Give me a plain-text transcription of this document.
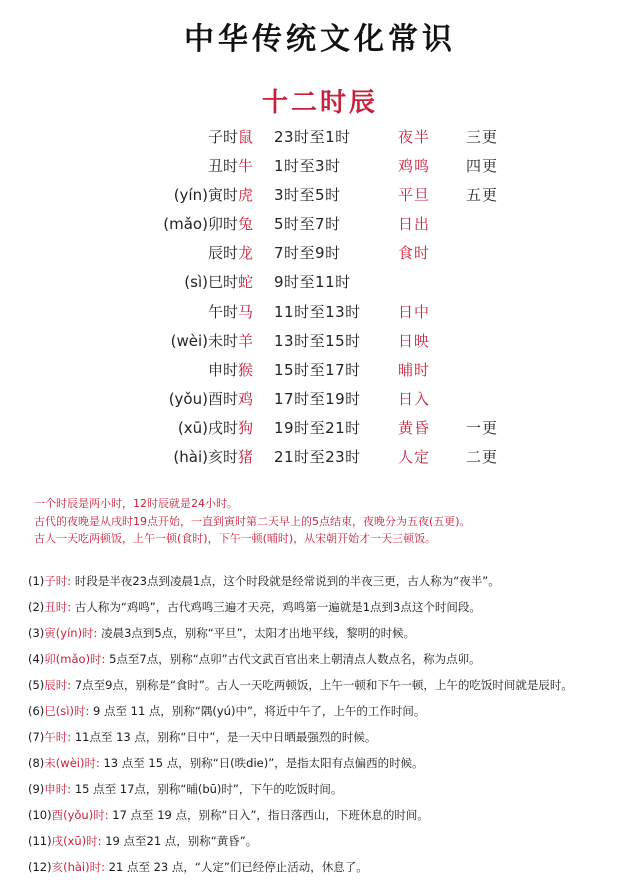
中华传统文化常识
十二时辰
子时鼠 23时至1时	夜半 三更
丑时牛 1时至3时	鸡鸣 四更
(yín)寅时虎 3时至5时	平旦 五更
(mǎo)卯时兔 5时至7时	日出
辰时龙 7时至9时	食时
(sì)巳时蛇 9时至11时
午时马 11时至13时 日中
(wèi)未时羊 13时至15时 日映
申时猴 15时至17时 晡时
(yǒu)酉时鸡 17时至19时 日入
(xū)戌时狗 19时至21时 黄昏 一更
(hài)亥时猪 21时至23时 人定 二更
一个时辰是两小时，12时辰就是24小时。
古代的夜晚是从戌时19点开始，一直到寅时第二天早上的5点结束，夜晚分为五夜(五更)。
古人一天吃两顿饭，上午一顿(食时)，下午一顿(晡时)，从宋朝开始才一天三顿饭。
(1)子时: 时段是半夜23点到凌晨1点，这个时段就是经常说到的半夜三更，古人称为“夜半”。
(2)丑时: 古人称为“鸡鸣”，古代鸡鸣三遍才天亮，鸡鸣第一遍就是1点到3点这个时间段。
(3)寅(yín)时: 凌晨3点到5点，别称“平旦”，太阳才出地平线，黎明的时候。
(4)卯(mǎo)时: 5点至7点，别称“点卯”古代文武百官出来上朝清点人数点名，称为点卯。
(5)辰时: 7点至9点，别称是“食时”。古人一天吃两顿饭，上午一顿和下午一顿，上午的吃饭时间就是辰时。
(6)巳(sì)时: 9 点至 11 点，别称“隅(yú)中”，将近中午了，上午的工作时间。
(7)午时: 11点至 13 点，别称“日中”，是一天中日晒最强烈的时候。
(8)未(wèi)时: 13 点至 15 点，别称“日(昳die)”，是指太阳有点偏西的时候。
(9)申时: 15 点至 17点，别称“晡(bū)时”，下午的吃饭时间。
(10)酉(yǒu)时: 17 点至 19 点，别称“日入”，指日落西山，下班休息的时间。
(11)戌(xū)时: 19 点至21 点，别称“黄昏”。
(12)亥(hài)时: 21 点至 23 点，“人定”们已经停止活动，休息了。
